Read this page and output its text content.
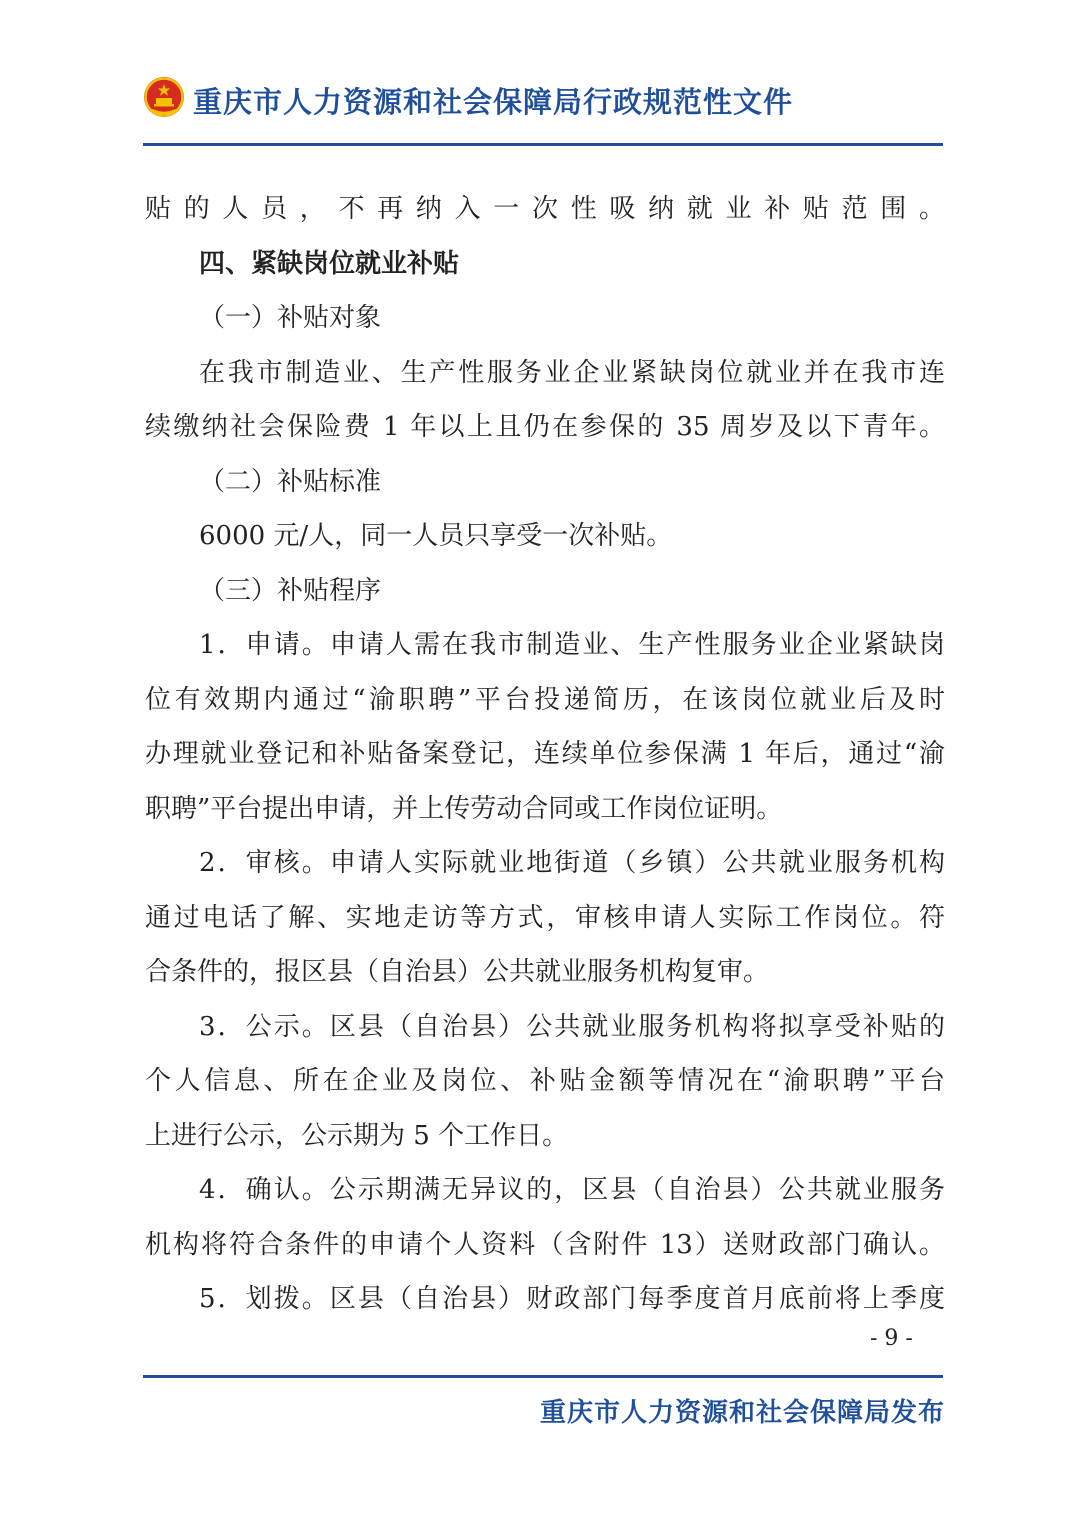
重庆市人力资源和社会保障局行政规范性文件
贴的人员，不再纳入一次性吸纳就业补贴范围。
四、紧缺岗位就业补贴
（一）补贴对象
在我市制造业、生产性服务业企业紧缺岗位就业并在我市连
续缴纳社会保险费 1 年以上且仍在参保的 35 周岁及以下青年。
（二）补贴标准
6000 元/人，同一人员只享受一次补贴。
（三）补贴程序
1．申请。申请人需在我市制造业、生产性服务业企业紧缺岗
位有效期内通过“渝职聘”平台投递简历，在该岗位就业后及时
办理就业登记和补贴备案登记，连续单位参保满 1 年后，通过“渝
职聘”平台提出申请，并上传劳动合同或工作岗位证明。
2．审核。申请人实际就业地街道（乡镇）公共就业服务机构
通过电话了解、实地走访等方式，审核申请人实际工作岗位。符
合条件的，报区县（自治县）公共就业服务机构复审。
3．公示。区县（自治县）公共就业服务机构将拟享受补贴的
个人信息、所在企业及岗位、补贴金额等情况在“渝职聘”平台
上进行公示，公示期为 5 个工作日。
4．确认。公示期满无异议的，区县（自治县）公共就业服务
机构将符合条件的申请个人资料（含附件 13）送财政部门确认。
5．划拨。区县（自治县）财政部门每季度首月底前将上季度
- 9 -
重庆市人力资源和社会保障局发布
